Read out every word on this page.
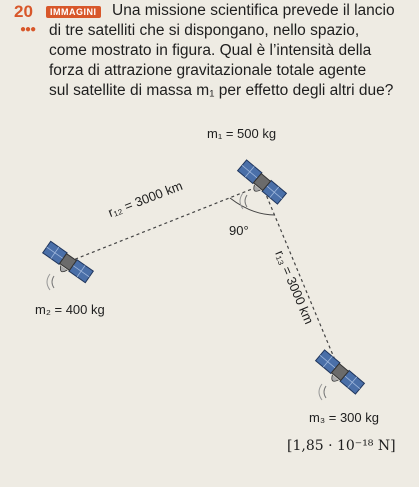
20	IMMAGINI
●●●
Una missione scientifica prevede il lancio
di tre satelliti che si dispongano, nello spazio,
come mostrato in figura. Qual è l’intensità della
forza di attrazione gravitazionale totale agente
sul satellite di massa m₁ per effetto degli altri due?
m₁ = 500 kg
m₂ = 400 kg
m₃ = 300 kg
r₁₂ = 3000 km
r₁₃ = 3000 km
90°
[1,85 · 10⁻¹⁸ N]
